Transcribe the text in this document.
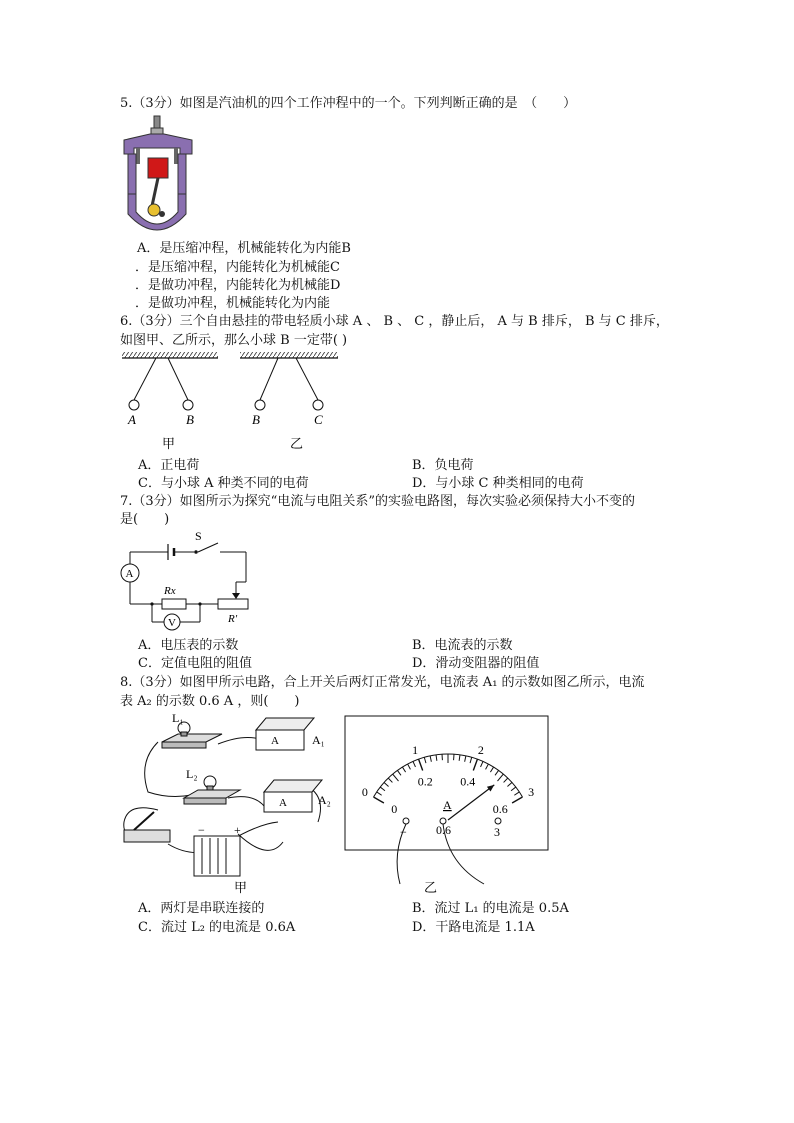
5.（3分）如图是汽油机的四个工作冲程中的一个。下列判断正确的是　（　　）
A．是压缩冲程，机械能转化为内能B
．是压缩冲程，内能转化为机械能C
．是做功冲程，内能转化为机械能D
．是做功冲程，机械能转化为内能
6.（3分）三个自由悬挂的带电轻质小球 A 、 B 、 C ，静止后， A 与 B 排斥， B 与 C 排斥，
如图甲、乙所示，那么小球 B 一定带( )
A	B	B	C
甲	乙
A．正电荷	B．负电荷
C．与小球 A 种类不同的电荷	D．与小球 C 种类相同的电荷
7.（3分）如图所示为探究“电流与电阻关系”的实验电路图，每次实验必须保持大小不变的
是(　　)
S
A
Rx
V	R′
A．电压表的示数	B．电流表的示数
C．定值电阻的阻值	D．滑动变阻器的阻值
8.（3分）如图甲所示电路，合上开关后两灯正常发光，电流表 A₁ 的示数如图乙所示，电流
表 A₂ 的示数 0.6 A ，则(　　)
L₁
A	A₁
L₂
A	A₂
− +
甲
0
1	2
3
0
0.2 0.4
0.6
A
− 0.6	3
乙
A．两灯是串联连接的	B．流过 L₁ 的电流是 0.5A
C．流过 L₂ 的电流是 0.6A	D．干路电流是 1.1A
